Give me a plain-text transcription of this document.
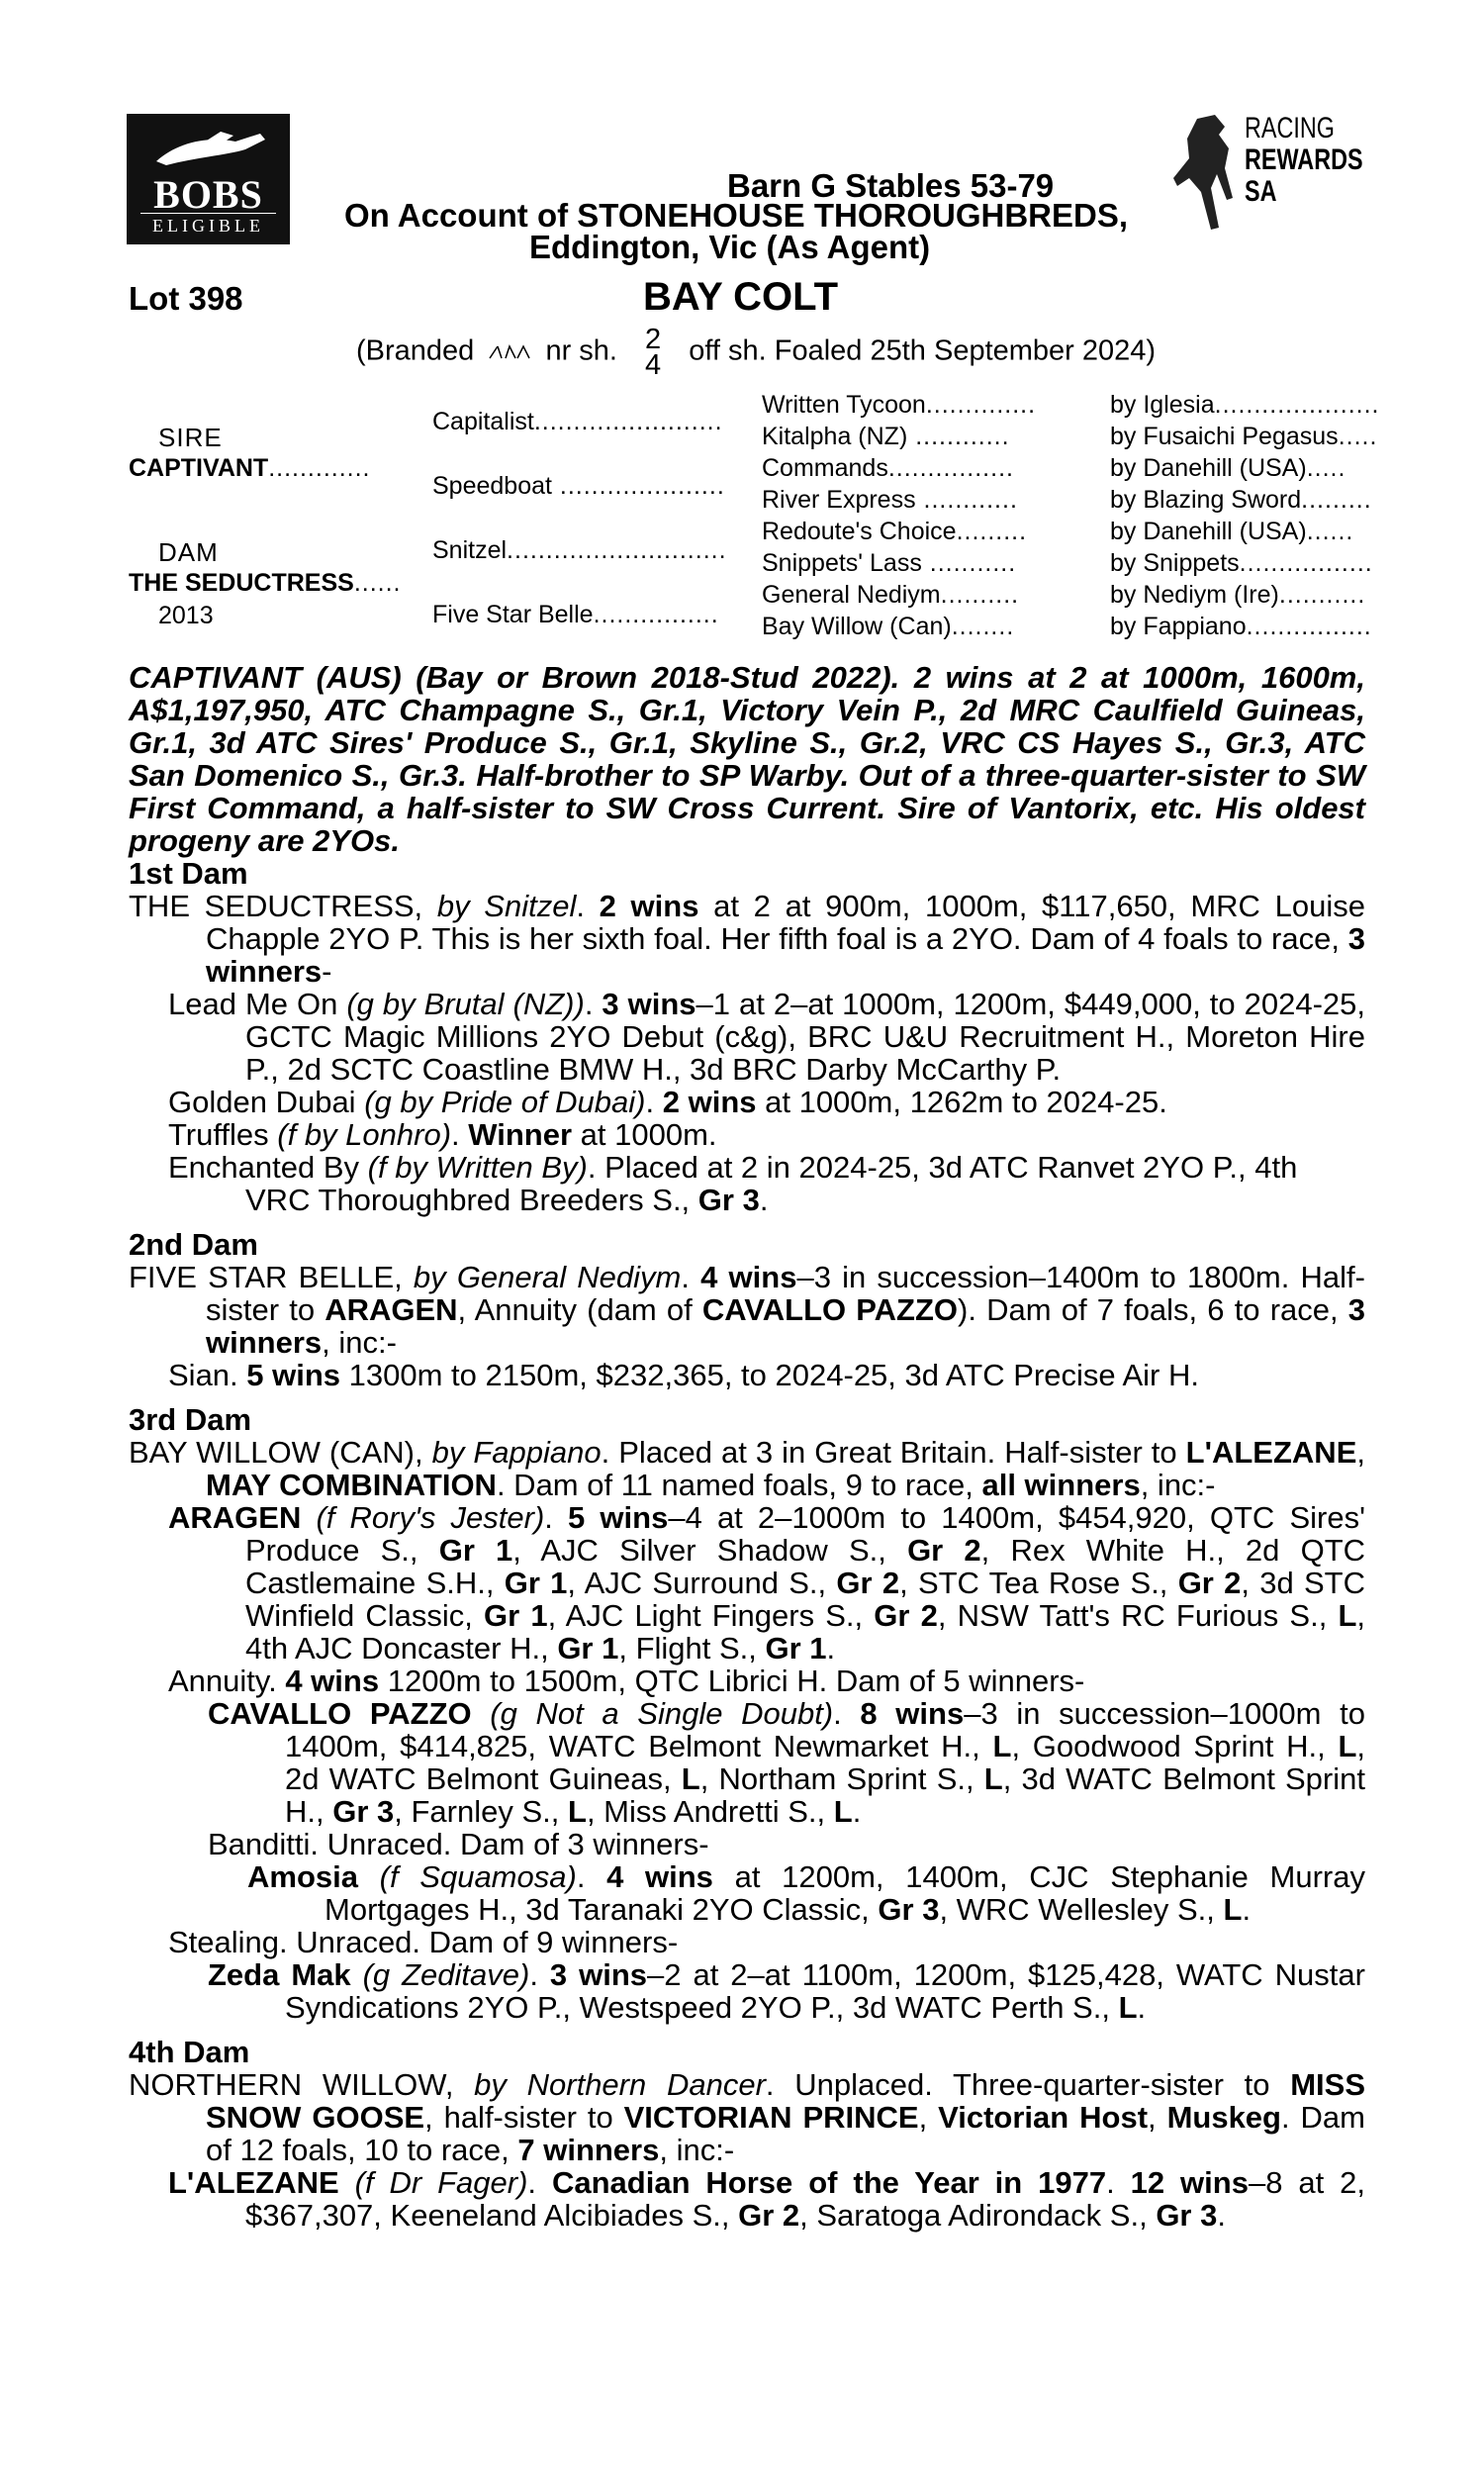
BOBS
ELIGIBLE
RACING
REWARDS
SA
Barn G Stables 53-79
On Account of STONEHOUSE THOROUGHBREDS,
Eddington, Vic (As Agent)
Lot 398	BAY COLT
(Branded nr sh. 2
4 off sh. Foaled 25th September 2024)
SIRE
CAPTIVANT.............
DAM
THE SEDUCTRESS......
2013
Capitalist........................
Speedboat .....................
Snitzel............................
Five Star Belle................
Written Tycoon..............
Kitalpha (NZ) ............
Commands................
River Express ............
Redoute's Choice.........
Snippets' Lass ...........
General Nediym..........
Bay Willow (Can)........
by Iglesia.....................
by Fusaichi Pegasus.....
by Danehill (USA).....
by Blazing Sword.........
by Danehill (USA)......
by Snippets.................
by Nediym (Ire)...........
by Fappiano................

CAPTIVANT (AUS) (Bay or Brown 2018-Stud 2022). 2 wins at 2 at 1000m, 1600m, A$1,197,950, ATC Champagne S., Gr.1, Victory Vein P., 2d MRC Caulfield Guineas, Gr.1, 3d ATC Sires' Produce S., Gr.1, Skyline S., Gr.2, VRC CS Hayes S., Gr.3, ATC San Domenico S., Gr.3. Half-brother to SP Warby. Out of a three-quarter-sister to SW First Command, a half-sister to SW Cross Current. Sire of Vantorix, etc. His oldest progeny are 2YOs.

1st Dam

THE SEDUCTRESS, by Snitzel. 2 wins at 2 at 900m, 1000m, $117,650, MRC Louise Chapple 2YO P. This is her sixth foal. Her fifth foal is a 2YO. Dam of 4 foals to race, 3 winners-

Lead Me On (g by Brutal (NZ)). 3 wins–1 at 2–at 1000m, 1200m, $449,000, to 2024-25, GCTC Magic Millions 2YO Debut (c&g), BRC U&U Recruitment H., Moreton Hire P., 2d SCTC Coastline BMW H., 3d BRC Darby McCarthy P.

Golden Dubai (g by Pride of Dubai). 2 wins at 1000m, 1262m to 2024-25.

Truffles (f by Lonhro). Winner at 1000m.

Enchanted By (f by Written By). Placed at 2 in 2024-25, 3d ATC Ranvet 2YO P., 4th VRC Thoroughbred Breeders S., Gr 3.

2nd Dam

FIVE STAR BELLE, by General Nediym. 4 wins–3 in succession–1400m to 1800m. Half-sister to ARAGEN, Annuity (dam of CAVALLO PAZZO). Dam of 7 foals, 6 to race, 3 winners, inc:-

Sian. 5 wins 1300m to 2150m, $232,365, to 2024-25, 3d ATC Precise Air H.

3rd Dam

BAY WILLOW (CAN), by Fappiano. Placed at 3 in Great Britain. Half-sister to L'ALEZANE, MAY COMBINATION. Dam of 11 named foals, 9 to race, all winners, inc:-

ARAGEN (f Rory's Jester). 5 wins–4 at 2–1000m to 1400m, $454,920, QTC Sires' Produce S., Gr 1, AJC Silver Shadow S., Gr 2, Rex White H., 2d QTC Castlemaine S.H., Gr 1, AJC Surround S., Gr 2, STC Tea Rose S., Gr 2, 3d STC Winfield Classic, Gr 1, AJC Light Fingers S., Gr 2, NSW Tatt's RC Furious S., L, 4th AJC Doncaster H., Gr 1, Flight S., Gr 1.

Annuity. 4 wins 1200m to 1500m, QTC Librici H. Dam of 5 winners-

CAVALLO PAZZO (g Not a Single Doubt). 8 wins–3 in succession–1000m to 1400m, $414,825, WATC Belmont Newmarket H., L, Goodwood Sprint H., L, 2d WATC Belmont Guineas, L, Northam Sprint S., L, 3d WATC Belmont Sprint H., Gr 3, Farnley S., L, Miss Andretti S., L.

Banditti. Unraced. Dam of 3 winners-

Amosia (f Squamosa). 4 wins at 1200m, 1400m, CJC Stephanie Murray Mortgages H., 3d Taranaki 2YO Classic, Gr 3, WRC Wellesley S., L.

Stealing. Unraced. Dam of 9 winners-

Zeda Mak (g Zeditave). 3 wins–2 at 2–at 1100m, 1200m, $125,428, WATC Nustar Syndications 2YO P., Westspeed 2YO P., 3d WATC Perth S., L.

4th Dam

NORTHERN WILLOW, by Northern Dancer. Unplaced. Three-quarter-sister to MISS SNOW GOOSE, half-sister to VICTORIAN PRINCE, Victorian Host, Muskeg. Dam of 12 foals, 10 to race, 7 winners, inc:-

L'ALEZANE (f Dr Fager). Canadian Horse of the Year in 1977. 12 wins–8 at 2, $367,307, Keeneland Alcibiades S., Gr 2, Saratoga Adirondack S., Gr 3.
